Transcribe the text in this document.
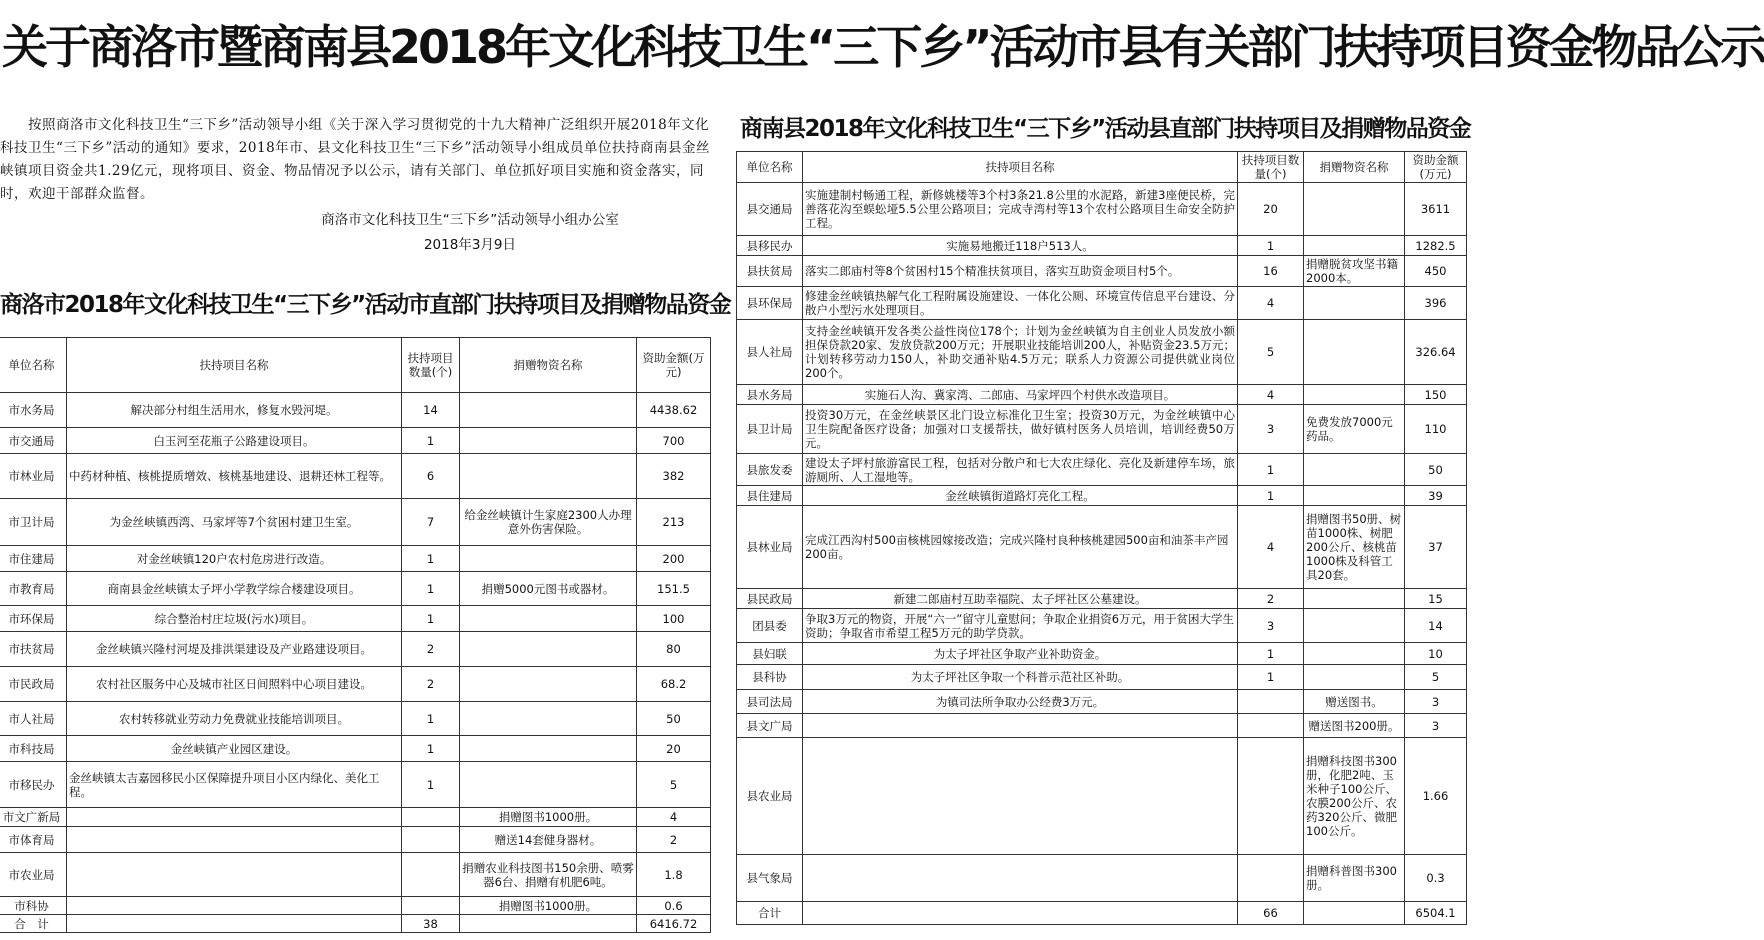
关于商洛市暨商南县2018年文化科技卫生“三下乡”活动市县有关部门扶持项目资金物品公示

按照商洛市文化科技卫生“三下乡”活动领导小组《关于深入学习贯彻党的十九大精神广泛组织开展2018年文化科技卫生“三下乡”活动的通知》要求，2018年市、县文化科技卫生“三下乡”活动领导小组成员单位扶持商南县金丝峡镇项目资金共1.29亿元，现将项目、资金、物品情况予以公示，请有关部门、单位抓好项目实施和资金落实，同时，欢迎干部群众监督。

商洛市文化科技卫生“三下乡”活动领导小组办公室
2018年3月9日
商洛市2018年文化科技卫生“三下乡”活动市直部门扶持项目及捐赠物品资金
单位名称	扶持项目名称	扶持项目数量(个)	捐赠物资名称	资助金额(万元)
市水务局	解决部分村组生活用水，修复水毁河堤。	14		4438.62
市交通局	白玉河至花瓶子公路建设项目。	1		700
市林业局	中药材种植、核桃提质增效、核桃基地建设、退耕还林工程等。	6		382
市卫计局	为金丝峡镇西湾、马家坪等7个贫困村建卫生室。	7	给金丝峡镇计生家庭2300人办理意外伤害保险。	213
市住建局	对金丝峡镇120户农村危房进行改造。	1		200
市教育局	商南县金丝峡镇太子坪小学教学综合楼建设项目。	1	捐赠5000元图书或器材。	151.5
市环保局	综合整治村庄垃圾(污水)项目。	1		100
市扶贫局	金丝峡镇兴隆村河堤及排洪渠建设及产业路建设项目。	2		80
市民政局	农村社区服务中心及城市社区日间照料中心项目建设。	2		68.2
市人社局	农村转移就业劳动力免费就业技能培训项目。	1		50
市科技局	金丝峡镇产业园区建设。	1		20
市移民办	金丝峡镇太吉嘉园移民小区保障提升项目小区内绿化、美化工程。	1		5
市文广新局			捐赠图书1000册。	4
市体育局			赠送14套健身器材。	2
市农业局			捐赠农业科技图书150余册、喷雾器6台、捐赠有机肥6吨。	1.8
市科协			捐赠图书1000册。	0.6
合　计		38		6416.72
商南县2018年文化科技卫生“三下乡”活动县直部门扶持项目及捐赠物品资金
单位名称	扶持项目名称	扶持项目数量(个)	捐赠物资名称	资助金额(万元)
县交通局	实施建制村畅通工程，新修姚楼等3个村3条21.8公里的水泥路，新建3座便民桥，完善落花沟至蜈蚣垭5.5公里公路项目；完成寺湾村等13个农村公路项目生命安全防护工程。	20		3611
县移民办	实施易地搬迁118户513人。	1		1282.5
县扶贫局	落实二郎庙村等8个贫困村15个精准扶贫项目，落实互助资金项目村5个。	16	捐赠脱贫攻坚书籍2000本。	450
县环保局	修建金丝峡镇热解气化工程附属设施建设、一体化公厕、环境宣传信息平台建设、分散户小型污水处理项目。	4		396
县人社局	支持金丝峡镇开发各类公益性岗位178个；计划为金丝峡镇为自主创业人员发放小额担保贷款20家、发放贷款200万元；开展职业技能培训200人，补贴资金23.5万元；计划转移劳动力150人，补助交通补贴4.5万元；联系人力资源公司提供就业岗位200个。	5		326.64
县水务局	实施石人沟、冀家湾、二郎庙、马家坪四个村供水改造项目。	4		150
县卫计局	投资30万元，在金丝峡景区北门设立标准化卫生室；投资30万元，为金丝峡镇中心卫生院配备医疗设备；加强对口支援帮扶，做好镇村医务人员培训，培训经费50万元。	3	免费发放7000元药品。	110
县旅发委	建设太子坪村旅游富民工程，包括对分散户和七大农庄绿化、亮化及新建停车场，旅游厕所、人工湿地等。	1		50
县住建局	金丝峡镇街道路灯亮化工程。	1		39
县林业局	完成江西沟村500亩核桃园嫁接改造；完成兴隆村良种核桃建园500亩和油茶丰产园200亩。	4	捐赠图书50册、树苗1000株、树肥200公斤、核桃苗1000株及科管工具20套。	37
县民政局	新建二郎庙村互助幸福院、太子坪社区公墓建设。	2		15
团县委	争取3万元的物资，开展“六一”留守儿童慰问；争取企业捐资6万元，用于贫困大学生资助；争取省市希望工程5万元的助学贷款。	3		14
县妇联	为太子坪社区争取产业补助资金。	1		10
县科协	为太子坪社区争取一个科普示范社区补助。	1		5
县司法局	为镇司法所争取办公经费3万元。		赠送图书。	3
县文广局			赠送图书200册。	3
县农业局			捐赠科技图书300册，化肥2吨、玉米种子100公斤、农膜200公斤、农药320公斤、微肥100公斤。	1.66
县气象局			捐赠科普图书300册。	0.3
合计		66		6504.1
